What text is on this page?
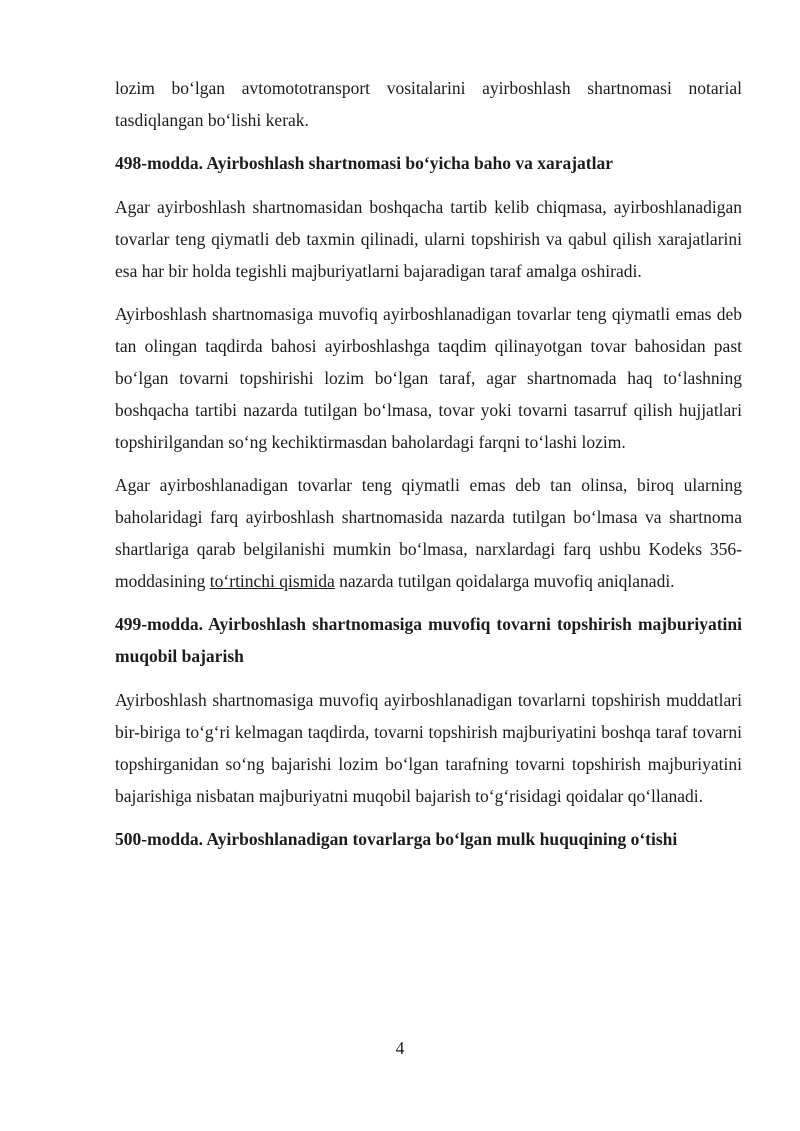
lozim bo‘lgan avtomototransport vositalarini ayirboshlash shartnomasi notarial tasdiqlangan bo‘lishi kerak.

498-modda. Ayirboshlash shartnomasi bo‘yicha baho va xarajatlar

Agar ayirboshlash shartnomasidan boshqacha tartib kelib chiqmasa, ayirboshlanadigan tovarlar teng qiymatli deb taxmin qilinadi, ularni topshirish va qabul qilish xarajatlarini esa har bir holda tegishli majburiyatlarni bajaradigan taraf amalga oshiradi.

Ayirboshlash shartnomasiga muvofiq ayirboshlanadigan tovarlar teng qiymatli emas deb tan olingan taqdirda bahosi ayirboshlashga taqdim qilinayotgan tovar bahosidan past bo‘lgan tovarni topshirishi lozim bo‘lgan taraf, agar shartnomada haq to‘lashning boshqacha tartibi nazarda tutilgan bo‘lmasa, tovar yoki tovarni tasarruf qilish hujjatlari topshirilgandan so‘ng kechiktirmasdan baholardagi farqni to‘lashi lozim.

Agar ayirboshlanadigan tovarlar teng qiymatli emas deb tan olinsa, biroq ularning baholaridagi farq ayirboshlash shartnomasida nazarda tutilgan bo‘lmasa va shartnoma shartlariga qarab belgilanishi mumkin bo‘lmasa, narxlardagi farq ushbu Kodeks 356-moddasining to‘rtinchi qismida nazarda tutilgan qoidalarga muvofiq aniqlanadi.

499-modda. Ayirboshlash shartnomasiga muvofiq tovarni topshirish majburiyatini muqobil bajarish

Ayirboshlash shartnomasiga muvofiq ayirboshlanadigan tovarlarni topshirish muddatlari bir-biriga to‘g‘ri kelmagan taqdirda, tovarni topshirish majburiyatini boshqa taraf tovarni topshirganidan so‘ng bajarishi lozim bo‘lgan tarafning tovarni topshirish majburiyatini bajarishiga nisbatan majburiyatni muqobil bajarish to‘g‘risidagi qoidalar qo‘llanadi.

500-modda. Ayirboshlanadigan tovarlarga bo‘lgan mulk huquqining o‘tishi
4
